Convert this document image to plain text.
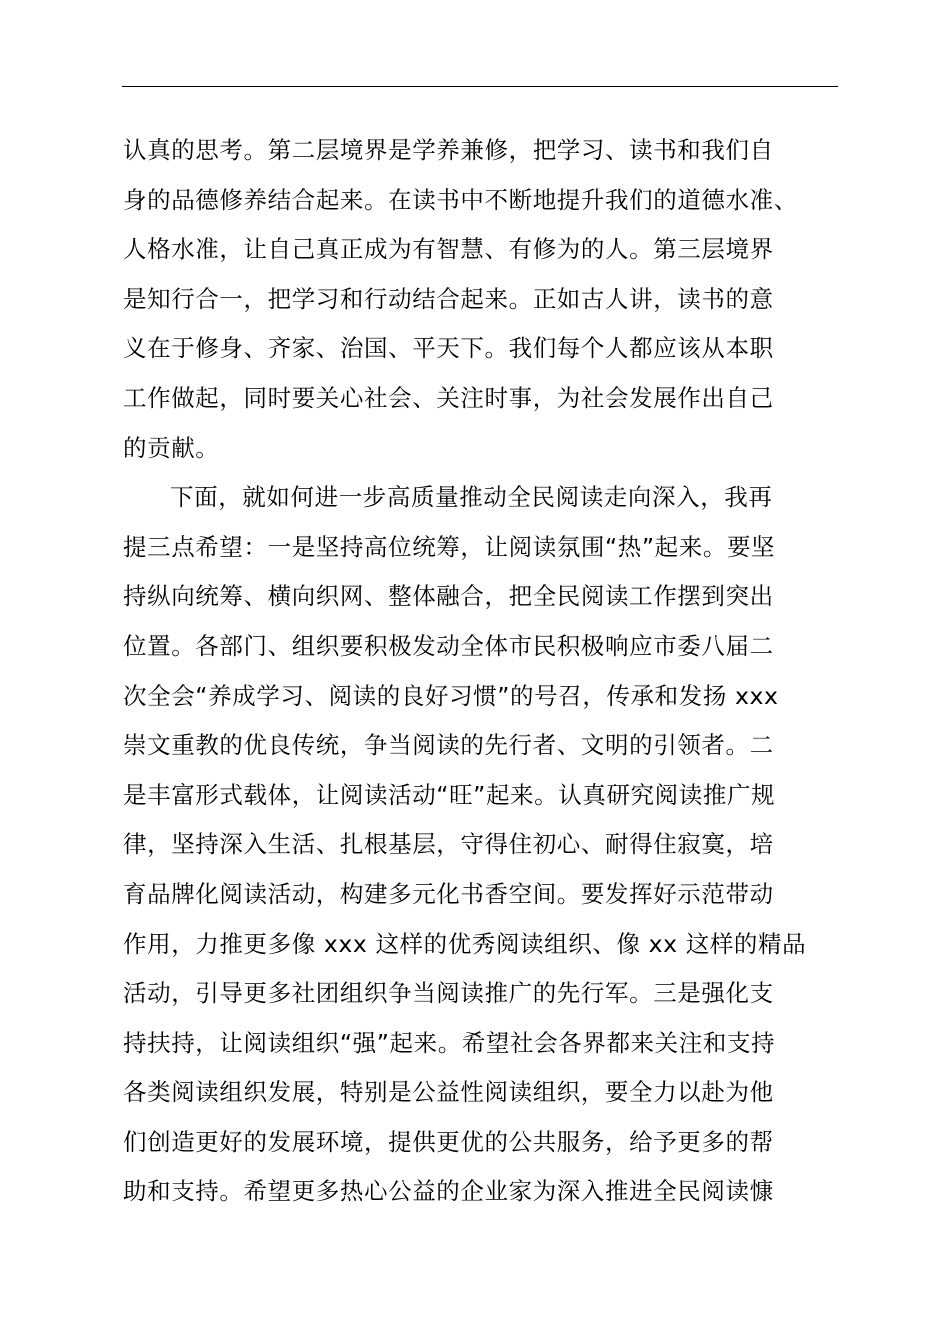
认真的思考。第二层境界是学养兼修，把学习、读书和我们自
身的品德修养结合起来。在读书中不断地提升我们的道德水准、
人格水准，让自己真正成为有智慧、有修为的人。第三层境界
是知行合一，把学习和行动结合起来。正如古人讲，读书的意
义在于修身、齐家、治国、平天下。我们每个人都应该从本职
工作做起，同时要关心社会、关注时事，为社会发展作出自己
的贡献。
下面，就如何进一步高质量推动全民阅读走向深入，我再
提三点希望：一是坚持高位统筹，让阅读氛围“热”起来。要坚
持纵向统筹、横向织网、整体融合，把全民阅读工作摆到突出
位置。各部门、组织要积极发动全体市民积极响应市委八届二
次全会“养成学习、阅读的良好习惯”的号召，传承和发扬 xxx
崇文重教的优良传统，争当阅读的先行者、文明的引领者。二
是丰富形式载体，让阅读活动“旺”起来。认真研究阅读推广规
律，坚持深入生活、扎根基层，守得住初心、耐得住寂寞，培
育品牌化阅读活动，构建多元化书香空间。要发挥好示范带动
作用，力推更多像 xxx 这样的优秀阅读组织、像 xx 这样的精品
活动，引导更多社团组织争当阅读推广的先行军。三是强化支
持扶持，让阅读组织“强”起来。希望社会各界都来关注和支持
各类阅读组织发展，特别是公益性阅读组织，要全力以赴为他
们创造更好的发展环境，提供更优的公共服务，给予更多的帮
助和支持。希望更多热心公益的企业家为深入推进全民阅读慷
